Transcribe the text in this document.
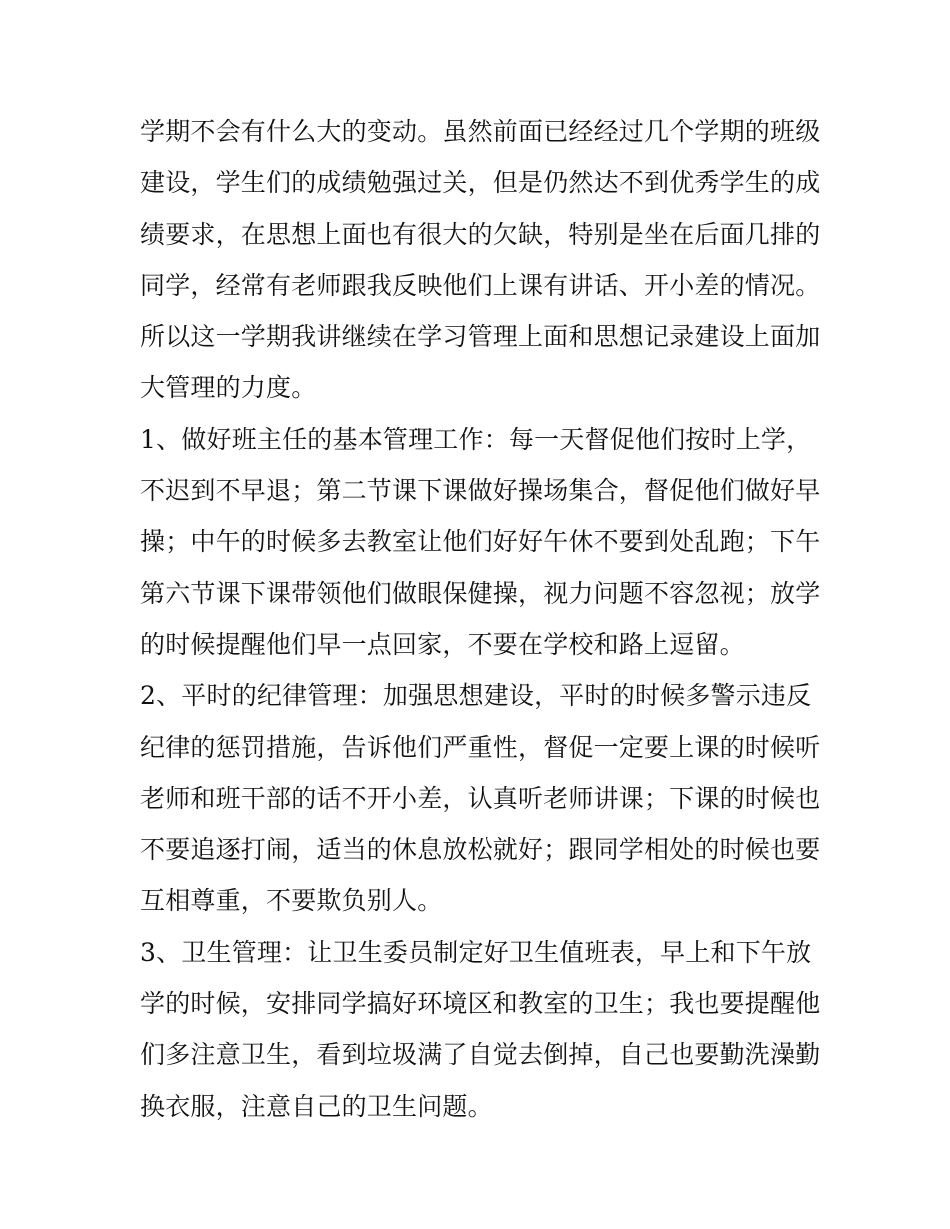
学期不会有什么大的变动。虽然前面已经经过几个学期的班级
建设，学生们的成绩勉强过关，但是仍然达不到优秀学生的成
绩要求，在思想上面也有很大的欠缺，特别是坐在后面几排的
同学，经常有老师跟我反映他们上课有讲话、开小差的情况。
所以这一学期我讲继续在学习管理上面和思想记录建设上面加
大管理的力度。
1、做好班主任的基本管理工作：每一天督促他们按时上学，
不迟到不早退；第二节课下课做好操场集合，督促他们做好早
操；中午的时候多去教室让他们好好午休不要到处乱跑；下午
第六节课下课带领他们做眼保健操，视力问题不容忽视；放学
的时候提醒他们早一点回家，不要在学校和路上逗留。
2、平时的纪律管理：加强思想建设，平时的时候多警示违反
纪律的惩罚措施，告诉他们严重性，督促一定要上课的时候听
老师和班干部的话不开小差，认真听老师讲课；下课的时候也
不要追逐打闹，适当的休息放松就好；跟同学相处的时候也要
互相尊重，不要欺负别人。
3、卫生管理：让卫生委员制定好卫生值班表，早上和下午放
学的时候，安排同学搞好环境区和教室的卫生；我也要提醒他
们多注意卫生，看到垃圾满了自觉去倒掉，自己也要勤洗澡勤
换衣服，注意自己的卫生问题。
